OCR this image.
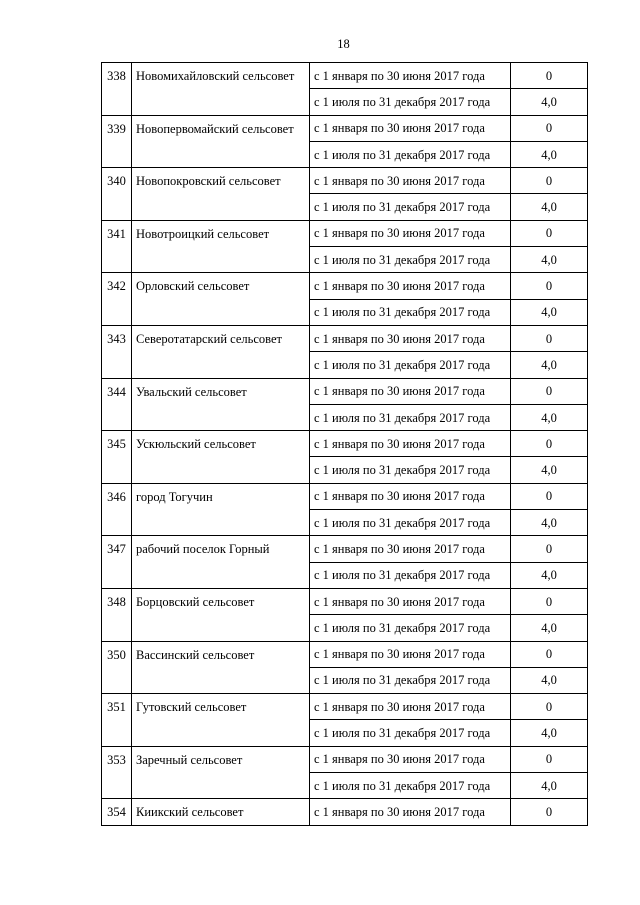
18
338	Новомихайловский сельсовет	с 1 января по 30 июня 2017 года	0
		с 1 июля по 31 декабря 2017 года	4,0
339	Новопервомайский сельсовет	с 1 января по 30 июня 2017 года	0
		с 1 июля по 31 декабря 2017 года	4,0
340	Новопокровский сельсовет	с 1 января по 30 июня 2017 года	0
		с 1 июля по 31 декабря 2017 года	4,0
341	Новотроицкий сельсовет	с 1 января по 30 июня 2017 года	0
		с 1 июля по 31 декабря 2017 года	4,0
342	Орловский сельсовет	с 1 января по 30 июня 2017 года	0
		с 1 июля по 31 декабря 2017 года	4,0
343	Северотатарский сельсовет	с 1 января по 30 июня 2017 года	0
		с 1 июля по 31 декабря 2017 года	4,0
344	Увальский сельсовет	с 1 января по 30 июня 2017 года	0
		с 1 июля по 31 декабря 2017 года	4,0
345	Ускюльский сельсовет	с 1 января по 30 июня 2017 года	0
		с 1 июля по 31 декабря 2017 года	4,0
346	город Тогучин	с 1 января по 30 июня 2017 года	0
		с 1 июля по 31 декабря 2017 года	4,0
347	рабочий поселок Горный	с 1 января по 30 июня 2017 года	0
		с 1 июля по 31 декабря 2017 года	4,0
348	Борцовский сельсовет	с 1 января по 30 июня 2017 года	0
		с 1 июля по 31 декабря 2017 года	4,0
350	Вассинский сельсовет	с 1 января по 30 июня 2017 года	0
		с 1 июля по 31 декабря 2017 года	4,0
351	Гутовский сельсовет	с 1 января по 30 июня 2017 года	0
		с 1 июля по 31 декабря 2017 года	4,0
353	Заречный сельсовет	с 1 января по 30 июня 2017 года	0
		с 1 июля по 31 декабря 2017 года	4,0
354	Киикский сельсовет	с 1 января по 30 июня 2017 года	0
